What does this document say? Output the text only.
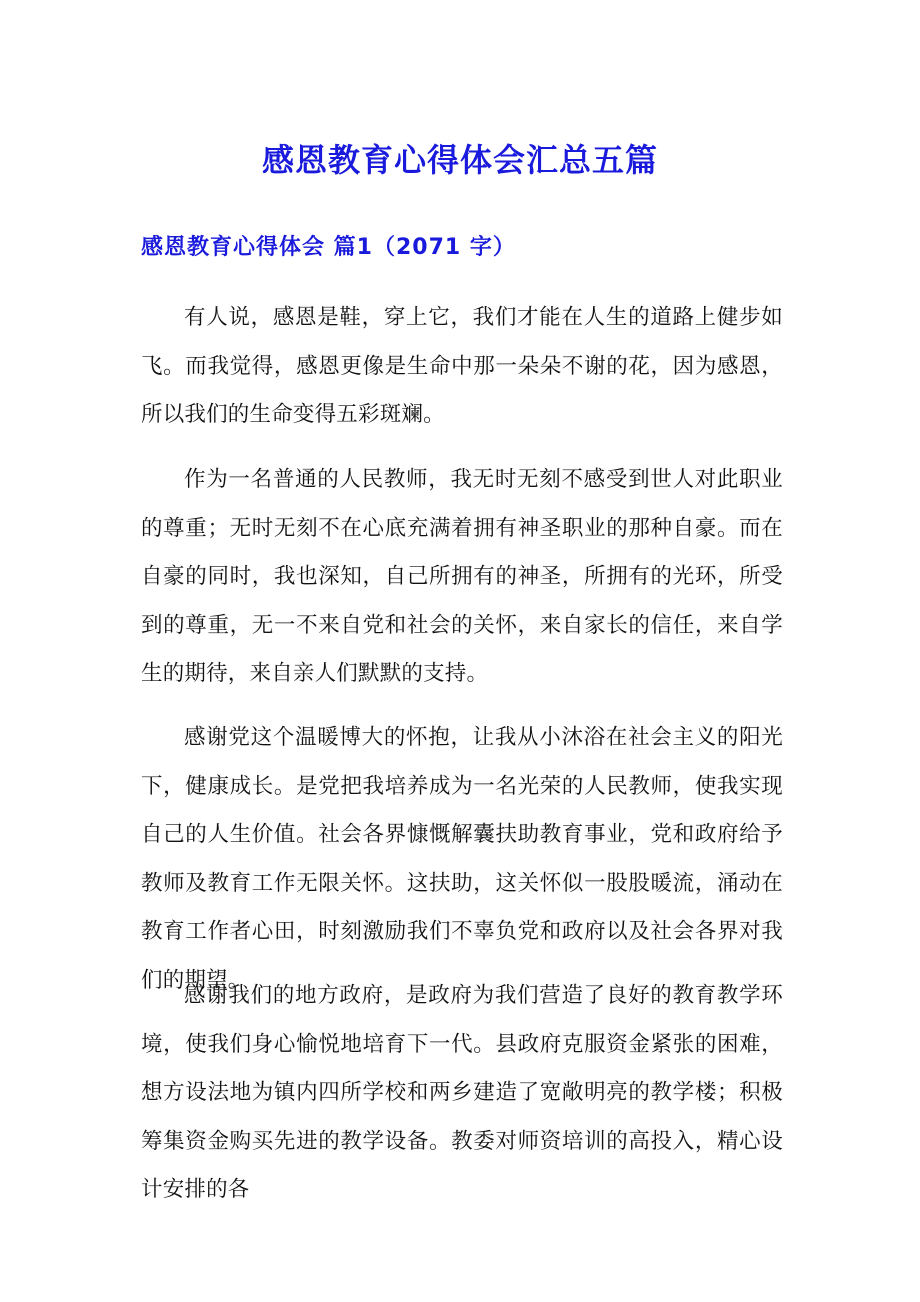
感恩教育心得体会汇总五篇
感恩教育心得体会 篇1（2071 字）

有人说，感恩是鞋，穿上它，我们才能在人生的道路上健步如飞。而我觉得，感恩更像是生命中那一朵朵不谢的花，因为感恩，所以我们的生命变得五彩斑斓。

作为一名普通的人民教师，我无时无刻不感受到世人对此职业的尊重；无时无刻不在心底充满着拥有神圣职业的那种自豪。而在自豪的同时，我也深知，自己所拥有的神圣，所拥有的光环，所受到的尊重，无一不来自党和社会的关怀，来自家长的信任，来自学生的期待，来自亲人们默默的支持。

感谢党这个温暖博大的怀抱，让我从小沐浴在社会主义的阳光下，健康成长。是党把我培养成为一名光荣的人民教师，使我实现自己的人生价值。社会各界慷慨解囊扶助教育事业，党和政府给予教师及教育工作无限关怀。这扶助，这关怀似一股股暖流，涌动在教育工作者心田，时刻激励我们不辜负党和政府以及社会各界对我们的期望。

感谢我们的地方政府，是政府为我们营造了良好的教育教学环境，使我们身心愉悦地培育下一代。县政府克服资金紧张的困难，想方设法地为镇内四所学校和两乡建造了宽敞明亮的教学楼；积极筹集资金购买先进的教学设备。教委对师资培训的高投入，精心设计安排的各
